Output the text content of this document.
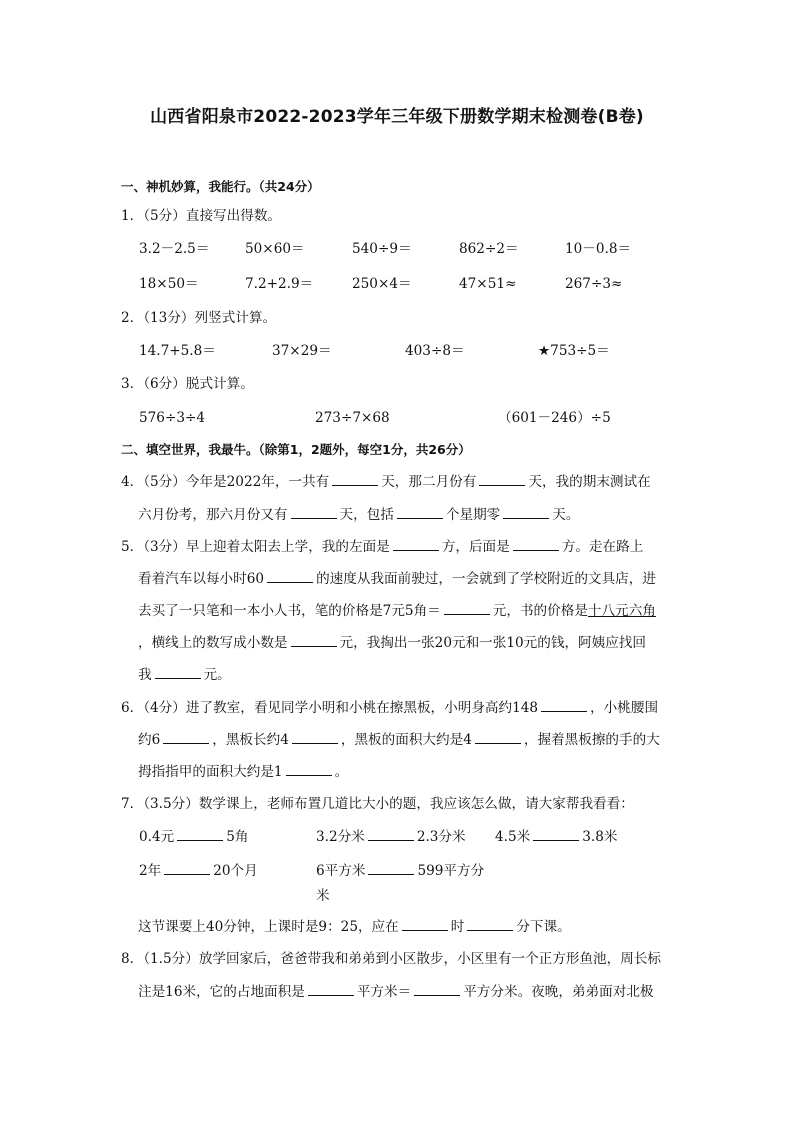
山西省阳泉市2022-2023学年三年级下册数学期末检测卷(B卷)
一、神机妙算，我能行。（共24分）
1．（5分）直接写出得数。
3.2－2.5＝	50×60＝	540÷9＝	862÷2＝	10－0.8＝
18×50＝	7.2+2.9＝	250×4＝	47×51≈	267÷3≈
2．（13分）列竖式计算。
14.7+5.8＝	37×29＝	403÷8＝	★753÷5＝
3．（6分）脱式计算。
576÷3÷4	273÷7×68	（601－246）÷5
二、填空世界，我最牛。（除第1，2题外，每空1分，共26分）
4．（5分）今年是2022年，一共有	天，那二月份有	天，我的期末测试在
六月份考，那六月份又有	天，包括	个星期零	天。
5．（3分）早上迎着太阳去上学，我的左面是	方，后面是	方。走在路上
看着汽车以每小时60	的速度从我面前驶过，一会就到了学校附近的文具店，进
去买了一只笔和一本小人书，笔的价格是7元5角＝	元，书的价格是十八元六角
，横线上的数写成小数是	元，我掏出一张20元和一张10元的钱，阿姨应找回
我	元。
6．（4分）进了教室，看见同学小明和小桃在擦黑板，小明身高约148	，小桃腰围
约6	，黑板长约4	，黑板的面积大约是4	，握着黑板擦的手的大
拇指指甲的面积大约是1	。
7．（3.5分）数学课上，老师布置几道比大小的题，我应该怎么做，请大家帮我看看：
0.4元	5角	3.2分米	2.3分米 4.5米	3.8米
2年	20个月	6平方米	599平方分
米
这节课要上40分钟，上课时是9：25，应在	时	分下课。
8．（1.5分）放学回家后，爸爸带我和弟弟到小区散步，小区里有一个正方形鱼池，周长标
注是16米，它的占地面积是	平方米＝	平方分米。夜晚，弟弟面对北极
